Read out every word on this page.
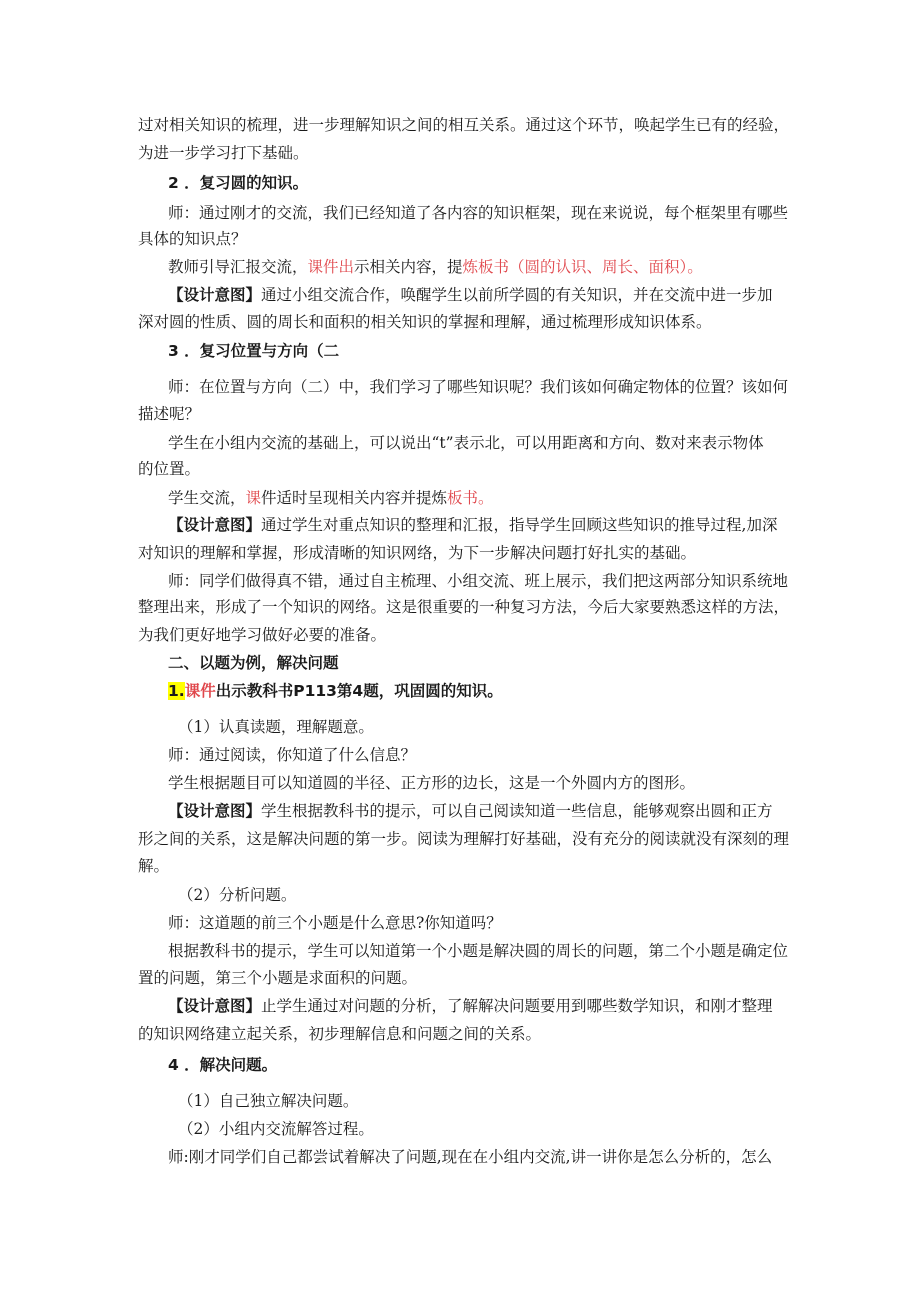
过对相关知识的梳理，进一步理解知识之间的相互关系。通过这个环节，唤起学生已有的经验，
为进一步学习打下基础。
2 ．复习圆的知识。
师：通过刚才的交流，我们已经知道了各内容的知识框架，现在来说说，每个框架里有哪些
具体的知识点？
教师引导汇报交流，课件出示相关内容，提炼板书（圆的认识、周长、面积）。
【设计意图】通过小组交流合作，唤醒学生以前所学圆的有关知识，并在交流中进一步加
深对圆的性质、圆的周长和面积的相关知识的掌握和理解，通过梳理形成知识体系。
3 ．复习位置与方向（二
师：在位置与方向（二）中，我们学习了哪些知识呢？我们该如何确定物体的位置？该如何
描述呢？
学生在小组内交流的基础上，可以说出“t”表示北，可以用距离和方向、数对来表示物体
的位置。
学生交流，课件适时呈现相关内容并提炼板书。
【设计意图】通过学生对重点知识的整理和汇报，指导学生回顾这些知识的推导过程,加深
对知识的理解和掌握，形成清晰的知识网络，为下一步解决问题打好扎实的基础。
师：同学们做得真不错，通过自主梳理、小组交流、班上展示，我们把这两部分知识系统地
整理出来，形成了一个知识的网络。这是很重要的一种复习方法，今后大家要熟悉这样的方法，
为我们更好地学习做好必要的准备。
二、以题为例，解决问题
1.课件出示教科书P113第4题，巩固圆的知识。
（1）认真读题，理解题意。
师：通过阅读，你知道了什么信息？
学生根据题目可以知道圆的半径、正方形的边长，这是一个外圆内方的图形。
【设计意图】学生根据教科书的提示，可以自己阅读知道一些信息，能够观察出圆和正方
形之间的关系，这是解决问题的第一步。阅读为理解打好基础，没有充分的阅读就没有深刻的理
解。
（2）分析问题。
师：这道题的前三个小题是什么意思?你知道吗？
根据教科书的提示，学生可以知道第一个小题是解决圆的周长的问题，第二个小题是确定位
置的问题，第三个小题是求面积的问题。
【设计意图】止学生通过对问题的分析，了解解决问题要用到哪些数学知识，和刚才整理
的知识网络建立起关系，初步理解信息和问题之间的关系。
4 ．解决问题。
（1）自己独立解决问题。
（2）小组内交流解答过程。
师:刚才同学们自己都尝试着解决了问题,现在在小组内交流,讲一讲你是怎么分析的，怎么
